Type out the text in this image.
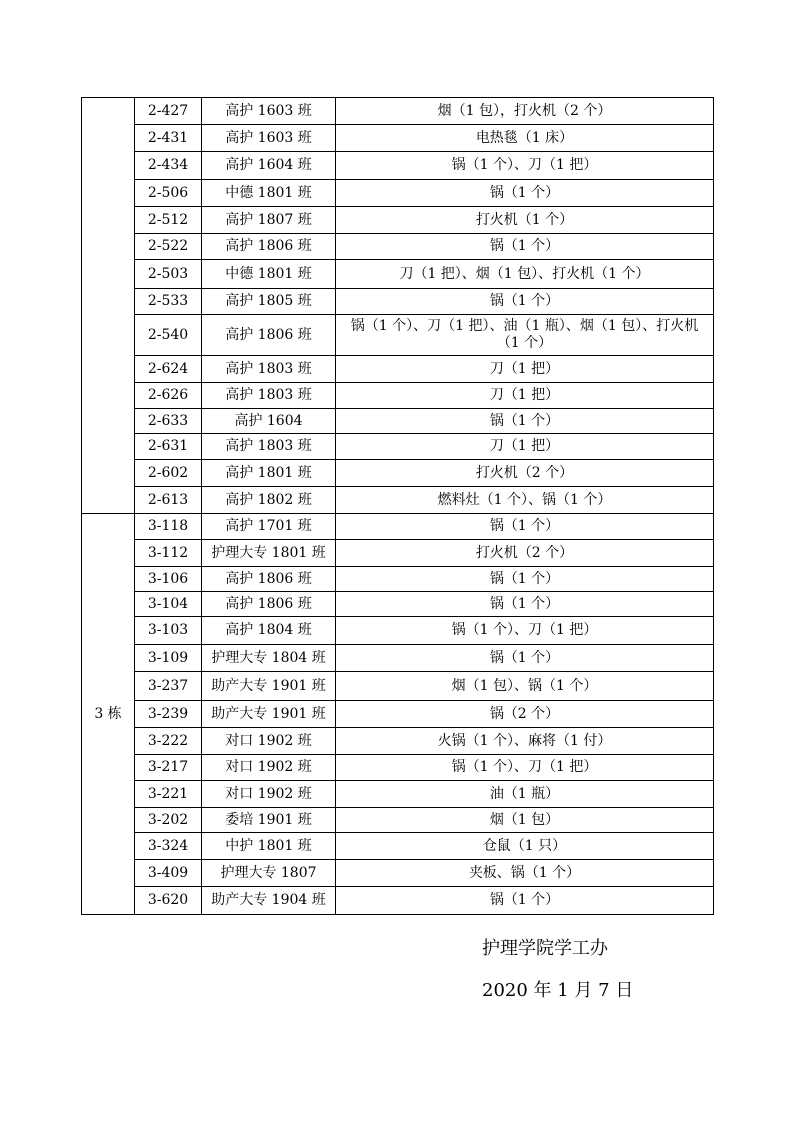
	2-427	高护 1603 班	烟（1 包），打火机（2 个）
	2-431	高护 1603 班	电热毯（1 床）
	2-434	高护 1604 班	锅（1 个）、刀（1 把）
	2-506	中德 1801 班	锅（1 个）
	2-512	高护 1807 班	打火机（1 个）
	2-522	高护 1806 班	锅（1 个）
	2-503	中德 1801 班	刀（1 把）、烟（1 包）、打火机（1 个）
	2-533	高护 1805 班	锅（1 个）
	2-540	高护 1806 班	锅（1 个）、刀（1 把）、油（1 瓶）、烟（1 包）、打火机（1 个）
	2-624	高护 1803 班	刀（1 把）
	2-626	高护 1803 班	刀（1 把）
	2-633	高护 1604	锅（1 个）
	2-631	高护 1803 班	刀（1 把）
	2-602	高护 1801 班	打火机（2 个）
	2-613	高护 1802 班	燃料灶（1 个）、锅（1 个）
3 栋	3-118	高护 1701 班	锅（1 个）
	3-112	护理大专 1801 班	打火机（2 个）
	3-106	高护 1806 班	锅（1 个）
	3-104	高护 1806 班	锅（1 个）
	3-103	高护 1804 班	锅（1 个）、刀（1 把）
	3-109	护理大专 1804 班	锅（1 个）
	3-237	助产大专 1901 班	烟（1 包）、锅（1 个）
	3-239	助产大专 1901 班	锅（2 个）
	3-222	对口 1902 班	火锅（1 个）、麻将（1 付）
	3-217	对口 1902 班	锅（1 个）、刀（1 把）
	3-221	对口 1902 班	油（1 瓶）
	3-202	委培 1901 班	烟（1 包）
	3-324	中护 1801 班	仓鼠（1 只）
	3-409	护理大专 1807	夹板、锅（1 个）
	3-620	助产大专 1904 班	锅（1 个）
护理学院学工办
2020 年 1 月 7 日
